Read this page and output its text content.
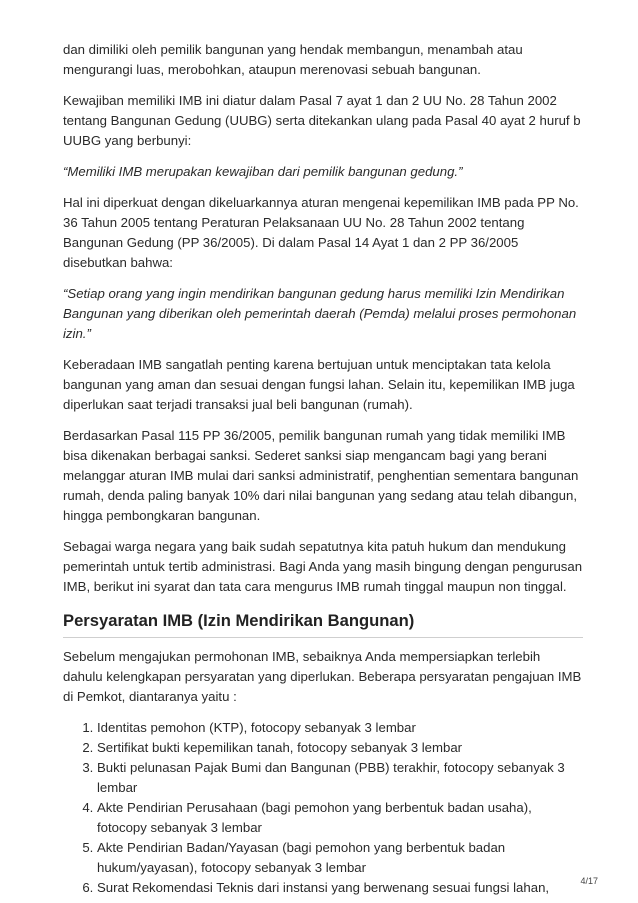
dan dimiliki oleh pemilik bangunan yang hendak membangun, menambah atau mengurangi luas, merobohkan, ataupun merenovasi sebuah bangunan.

Kewajiban memiliki IMB ini diatur dalam Pasal 7 ayat 1 dan 2 UU No. 28 Tahun 2002 tentang Bangunan Gedung (UUBG) serta ditekankan ulang pada Pasal 40 ayat 2 huruf b UUBG yang berbunyi:

“Memiliki IMB merupakan kewajiban dari pemilik bangunan gedung.”

Hal ini diperkuat dengan dikeluarkannya aturan mengenai kepemilikan IMB pada PP No. 36 Tahun 2005 tentang Peraturan Pelaksanaan UU No. 28 Tahun 2002 tentang Bangunan Gedung (PP 36/2005). Di dalam Pasal 14 Ayat 1 dan 2 PP 36/2005 disebutkan bahwa:

“Setiap orang yang ingin mendirikan bangunan gedung harus memiliki Izin Mendirikan Bangunan yang diberikan oleh pemerintah daerah (Pemda) melalui proses permohonan izin.”

Keberadaan IMB sangatlah penting karena bertujuan untuk menciptakan tata kelola bangunan yang aman dan sesuai dengan fungsi lahan. Selain itu, kepemilikan IMB juga diperlukan saat terjadi transaksi jual beli bangunan (rumah).

Berdasarkan Pasal 115 PP 36/2005, pemilik bangunan rumah yang tidak memiliki IMB bisa dikenakan berbagai sanksi. Sederet sanksi siap mengancam bagi yang berani melanggar aturan IMB mulai dari sanksi administratif, penghentian sementara bangunan rumah, denda paling banyak 10% dari nilai bangunan yang sedang atau telah dibangun, hingga pembongkaran bangunan.

Sebagai warga negara yang baik sudah sepatutnya kita patuh hukum dan mendukung pemerintah untuk tertib administrasi. Bagi Anda yang masih bingung dengan pengurusan IMB, berikut ini syarat dan tata cara mengurus IMB rumah tinggal maupun non tinggal.

Persyaratan IMB (Izin Mendirikan Bangunan)

Sebelum mengajukan permohonan IMB, sebaiknya Anda mempersiapkan terlebih dahulu kelengkapan persyaratan yang diperlukan. Beberapa persyaratan pengajuan IMB di Pemkot, diantaranya yaitu :

1. Identitas pemohon (KTP), fotocopy sebanyak 3 lembar
2. Sertifikat bukti kepemilikan tanah, fotocopy sebanyak 3 lembar
3. Bukti pelunasan Pajak Bumi dan Bangunan (PBB) terakhir, fotocopy sebanyak 3 lembar
4. Akte Pendirian Perusahaan (bagi pemohon yang berbentuk badan usaha), fotocopy sebanyak 3 lembar
5. Akte Pendirian Badan/Yayasan (bagi pemohon yang berbentuk badan hukum/yayasan), fotocopy sebanyak 3 lembar
6. Surat Rekomendasi Teknis dari instansi yang berwenang sesuai fungsi lahan,	4/17
